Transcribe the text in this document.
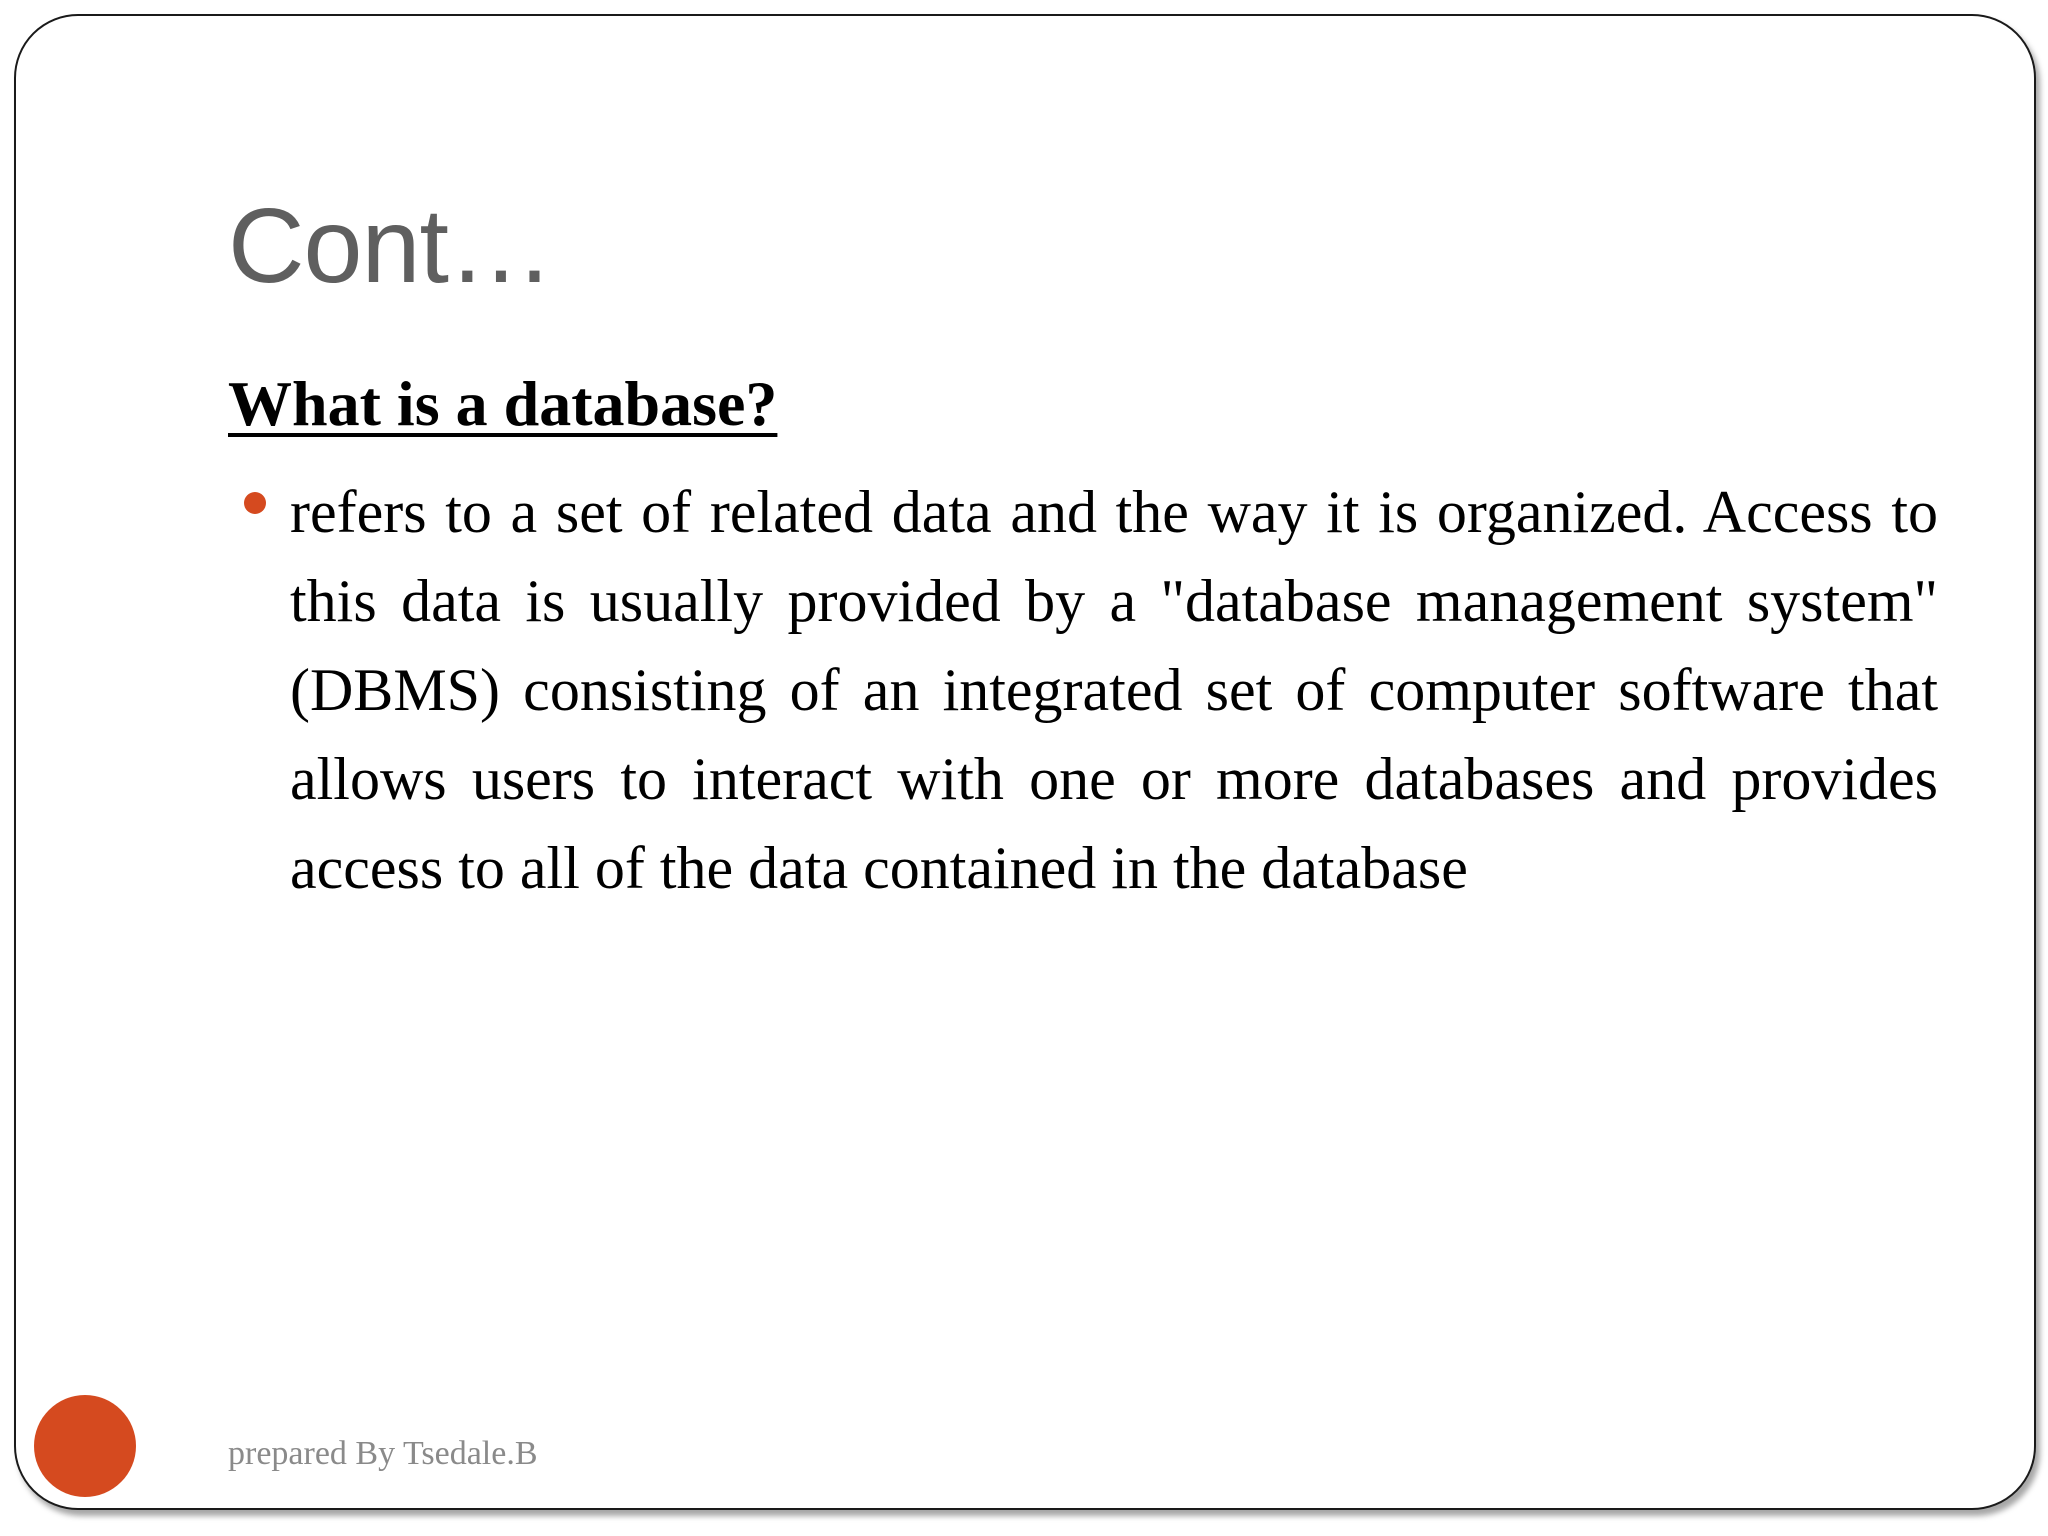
Cont…
What is a database?

refers to a set of related data and the way it is organized. Access to this data is usually provided by a "database management system" (DBMS) consisting of an integrated set of computer software that allows users to interact with one or more databases and provides access to all of the data contained in the database

prepared By Tsedale.B
